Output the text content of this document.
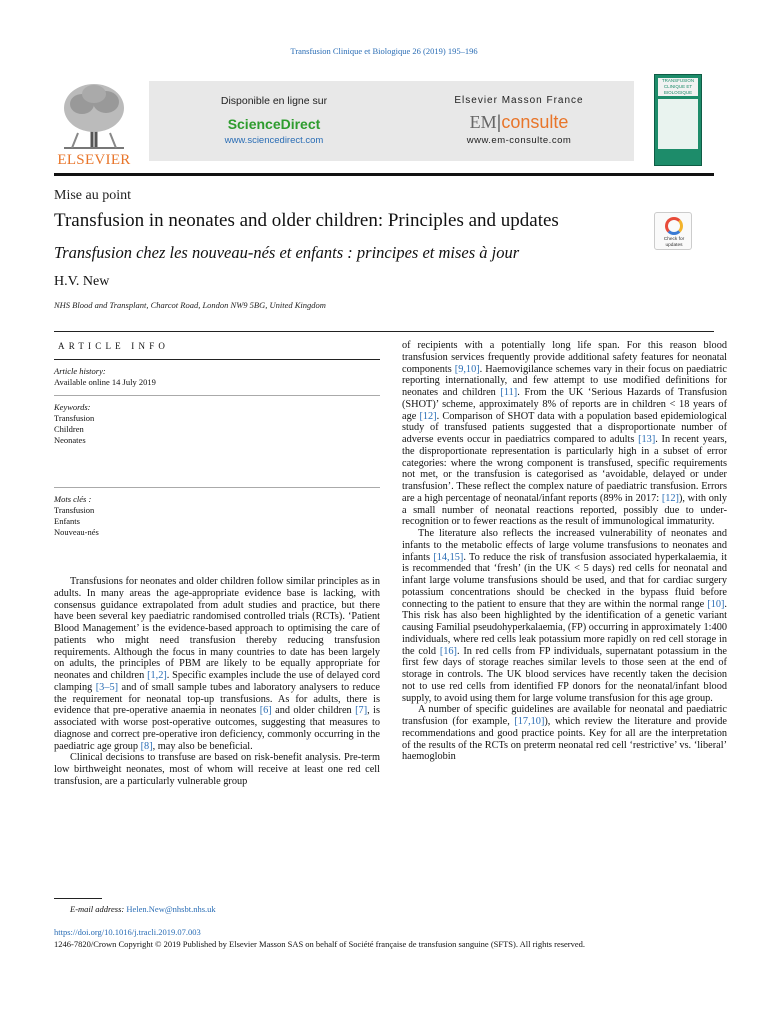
Transfusion Clinique et Biologique 26 (2019) 195–196
ELSEVIER
Disponible en ligne sur
ScienceDirect
www.sciencedirect.com
Elsevier Masson France
EM|consulte
www.em-consulte.com
TRANSFUSION
CLINIQUE ET BIOLOGIQUE
Mise au point
Transfusion in neonates and older children: Principles and updates
Transfusion chez les nouveau-nés et enfants : principes et mises à jour
H.V. New
NHS Blood and Transplant, Charcot Road, London NW9 5BG, United Kingdom
Check for
updates
ARTICLE INFO
Article history:
Available online 14 July 2019
Keywords:
Transfusion
Children
Neonates
Mots clés :
Transfusion
Enfants
Nouveau-nés

Transfusions for neonates and older children follow similar principles as in adults. In many areas the age-appropriate evidence base is lacking, with consensus guidance extrapolated from adult studies and practice, but there have been several key paediatric randomised controlled trials (RCTs). ‘Patient Blood Management’ is the evidence-based approach to optimising the care of patients who might need transfusion thereby reducing transfusion requirements. Although the focus in many countries to date has been largely on adults, the principles of PBM are likely to be equally appropriate for neonates and children [1,2]. Specific examples include the use of delayed cord clamping [3–5] and of small sample tubes and laboratory analysers to reduce the requirement for neonatal top-up transfusions. As for adults, there is evidence that pre-operative anaemia in neonates [6] and older children [7], is associated with worse post-operative outcomes, suggesting that measures to diagnose and correct pre-operative iron deficiency, commonly occurring in the paediatric age group [8], may also be beneficial.

Clinical decisions to transfuse are based on risk-benefit analysis. Pre-term low birthweight neonates, most of whom will receive at least one red cell transfusion, are a particularly vulnerable group

of recipients with a potentially long life span. For this reason blood transfusion services frequently provide additional safety features for neonatal components [9,10]. Haemovigilance schemes vary in their focus on paediatric reporting internationally, and few attempt to use modified definitions for neonates and children [11]. From the UK ‘Serious Hazards of Transfusion (SHOT)’ scheme, approximately 8% of reports are in children < 18 years of age [12]. Comparison of SHOT data with a population based epidemiological study of transfused patients suggested that a disproportionate number of adverse events occur in paediatrics compared to adults [13]. In recent years, the disproportionate representation is particularly high in a subset of error categories: where the wrong component is transfused, specific requirements not met, or the transfusion is categorised as ‘avoidable, delayed or under transfusion’. These reflect the complex nature of paediatric transfusion. Errors are a high percentage of neonatal/infant reports (89% in 2017: [12]), with only a small number of neonatal reactions reported, possibly due to under-recognition or to fewer reactions as the result of immunological immaturity.

The literature also reflects the increased vulnerability of neonates and infants to the metabolic effects of large volume transfusions to neonates and infants [14,15]. To reduce the risk of transfusion associated hyperkalaemia, it is recommended that ‘fresh’ (in the UK < 5 days) red cells for neonatal and infant large volume transfusions should be used, and that for cardiac surgery potassium concentrations should be checked in the bypass fluid before connecting to the patient to ensure that they are within the normal range [10]. This risk has also been highlighted by the identification of a genetic variant causing Familial pseudohyperkalaemia, (FP) occurring in approximately 1:400 individuals, where red cells leak potassium more rapidly on red cell storage in the cold [16]. In red cells from FP individuals, supernatant potassium in the first few days of storage reaches similar levels to those seen at the end of storage in controls. The UK blood services have recently taken the decision not to use red cells from identified FP donors for the neonatal/infant blood supply, to avoid using them for large volume transfusion for this age group.

A number of specific guidelines are available for neonatal and paediatric transfusion (for example, [17,10]), which review the literature and provide recommendations and good practice points. Key for all are the interpretation of the results of the RCTs on preterm neonatal red cell ‘restrictive’ vs. ‘liberal’ haemoglobin

E-mail address: Helen.New@nhsbt.nhs.uk
https://doi.org/10.1016/j.tracli.2019.07.003
1246-7820/Crown Copyright © 2019 Published by Elsevier Masson SAS on behalf of Société française de transfusion sanguine (SFTS). All rights reserved.
